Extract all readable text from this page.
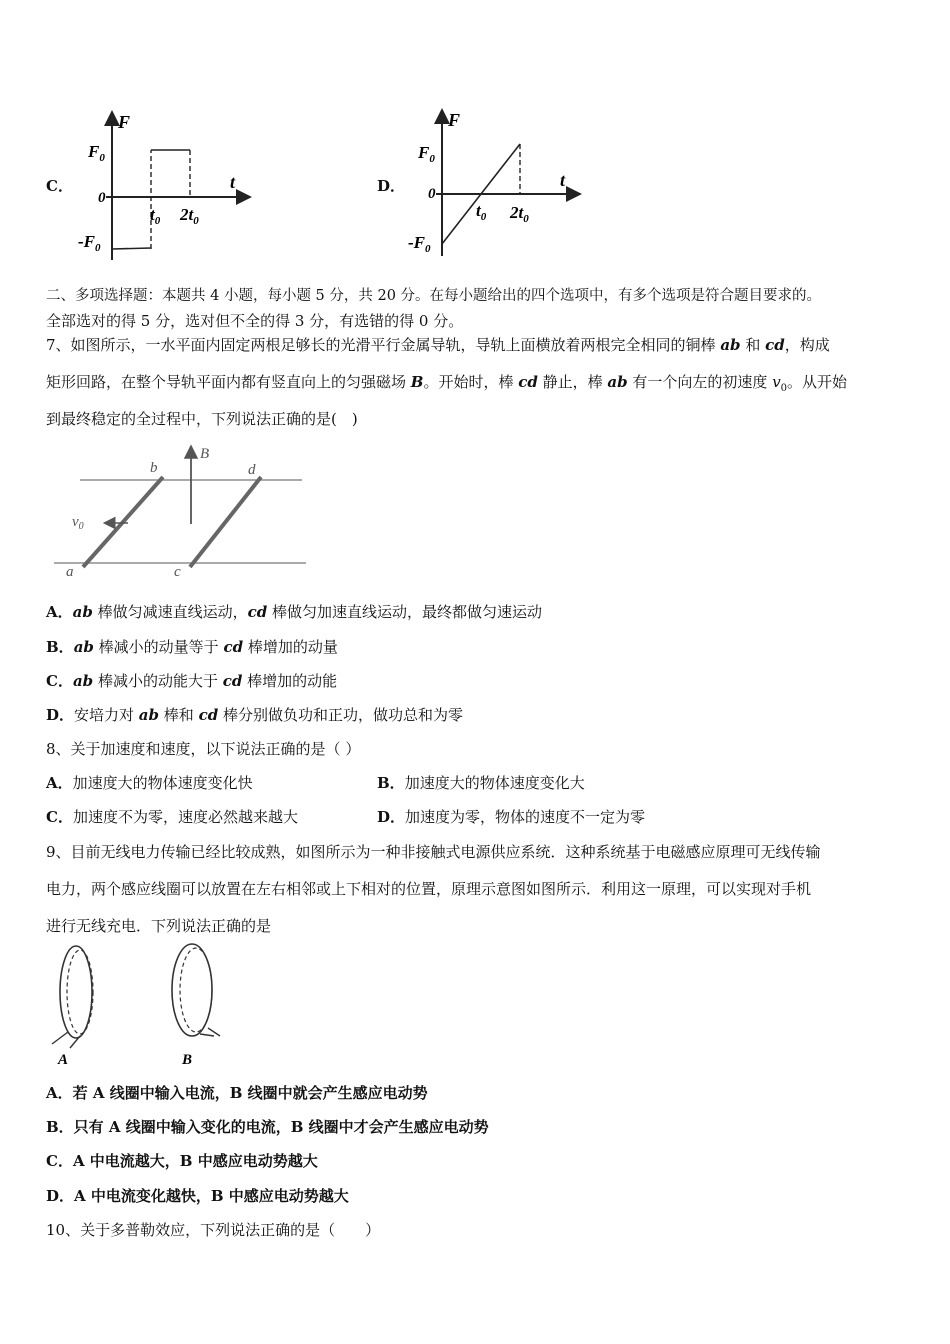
C．
F
t
$F_0$
0
$-F_0$
$t_0$ $2t_0$
D．
F
t
$F_0$
0
$-F_0$
$t_0$ $2t_0$
二、多项选择题：本题共 4 小题，每小题 5 分，共 20 分。在每小题给出的四个选项中，有多个选项是符合题目要求的。
全部选对的得 5 分，选对但不全的得 3 分，有选错的得 0 分。
7、如图所示，一水平面内固定两根足够长的光滑平行金属导轨，导轨上面横放着两根完全相同的铜棒 ab 和 cd，构成
矩形回路，在整个导轨平面内都有竖直向上的匀强磁场 B。开始时，棒 cd 静止，棒 ab 有一个向左的初速度 $v_0$。从开始
到最终稳定的全过程中，下列说法正确的是(　)
b	d
a	c
B
$v_0$
A．ab 棒做匀减速直线运动，cd 棒做匀加速直线运动，最终都做匀速运动
B．ab 棒减小的动量等于 cd 棒增加的动量
C．ab 棒减小的动能大于 cd 棒增加的动能
D．安培力对 ab 棒和 cd 棒分别做负功和正功，做功总和为零
8、关于加速度和速度，以下说法正确的是（ ）
A．加速度大的物体速度变化快	B．加速度大的物体速度变化大
C．加速度不为零，速度必然越来越大	D．加速度为零，物体的速度不一定为零
9、目前无线电力传输已经比较成熟，如图所示为一种非接触式电源供应系统．这种系统基于电磁感应原理可无线传输
电力，两个感应线圈可以放置在左右相邻或上下相对的位置，原理示意图如图所示．利用这一原理，可以实现对手机
进行无线充电．下列说法正确的是
A	B
A．若 A 线圈中输入电流，B 线圈中就会产生感应电动势
B．只有 A 线圈中输入变化的电流，B 线圈中才会产生感应电动势
C．A 中电流越大，B 中感应电动势越大
D．A 中电流变化越快，B 中感应电动势越大
10、关于多普勒效应，下列说法正确的是（　　）
